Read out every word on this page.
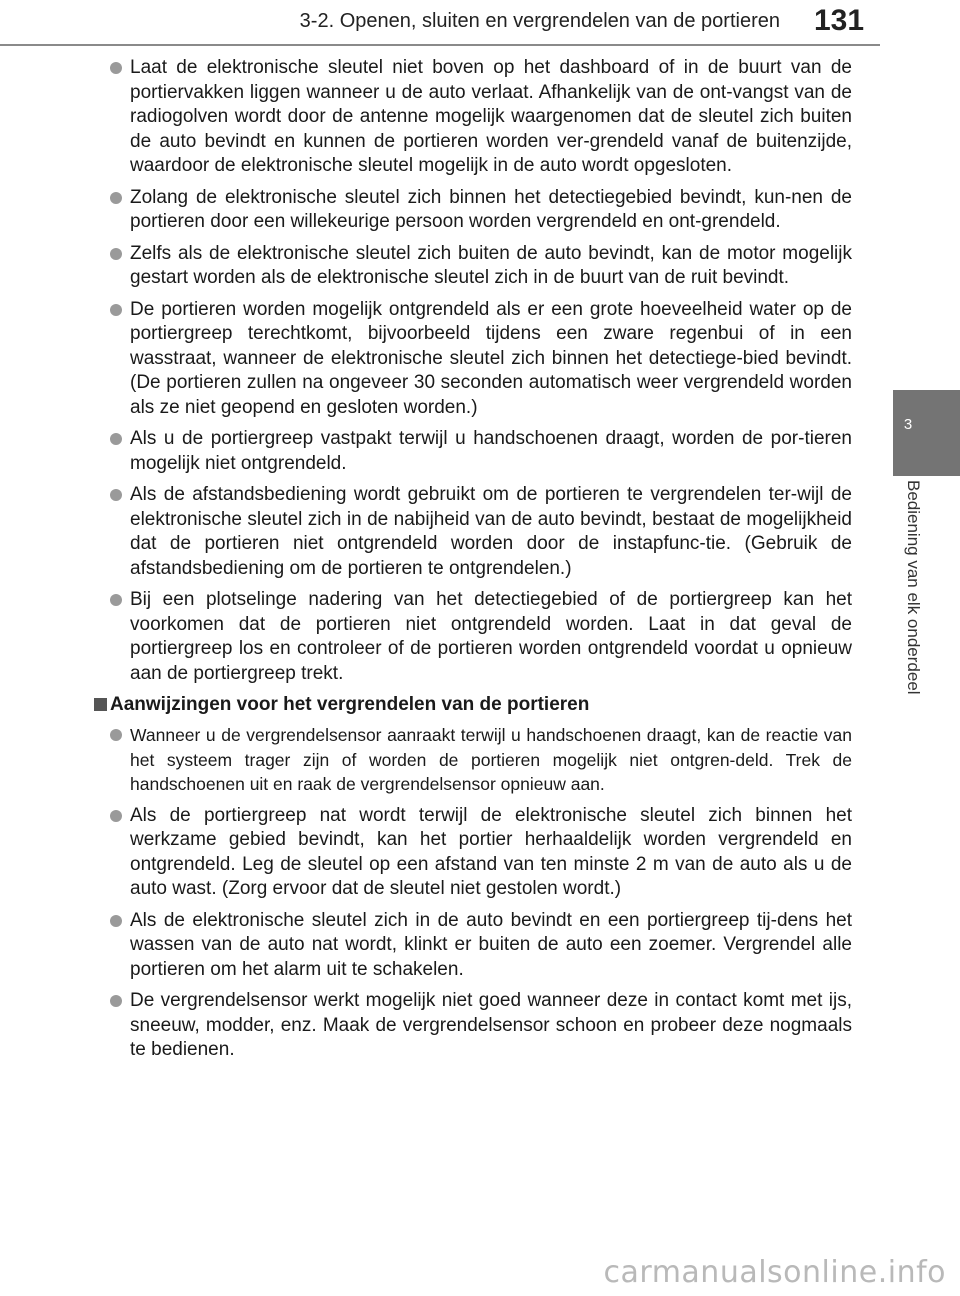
3-2. Openen, sluiten en vergrendelen van de portieren 131
3
Bediening van elk onderdeel
Laat de elektronische sleutel niet boven op het dashboard of in de buurt van de portiervakken liggen wanneer u de auto verlaat. Afhankelijk van de ont-vangst van de radiogolven wordt door de antenne mogelijk waargenomen dat de sleutel zich buiten de auto bevindt en kunnen de portieren worden ver-grendeld vanaf de buitenzijde, waardoor de elektronische sleutel mogelijk in de auto wordt opgesloten.
Zolang de elektronische sleutel zich binnen het detectiegebied bevindt, kun-nen de portieren door een willekeurige persoon worden vergrendeld en ont-grendeld.
Zelfs als de elektronische sleutel zich buiten de auto bevindt, kan de motor mogelijk gestart worden als de elektronische sleutel zich in de buurt van de ruit bevindt.
De portieren worden mogelijk ontgrendeld als er een grote hoeveelheid water op de portiergreep terechtkomt, bijvoorbeeld tijdens een zware regenbui of in een wasstraat, wanneer de elektronische sleutel zich binnen het detectiege-bied bevindt. (De portieren zullen na ongeveer 30 seconden automatisch weer vergrendeld worden als ze niet geopend en gesloten worden.)
Als u de portiergreep vastpakt terwijl u handschoenen draagt, worden de por-tieren mogelijk niet ontgrendeld.
Als de afstandsbediening wordt gebruikt om de portieren te vergrendelen ter-wijl de elektronische sleutel zich in de nabijheid van de auto bevindt, bestaat de mogelijkheid dat de portieren niet ontgrendeld worden door de instapfunc-tie. (Gebruik de afstandsbediening om de portieren te ontgrendelen.)
Bij een plotselinge nadering van het detectiegebied of de portiergreep kan het voorkomen dat de portieren niet ontgrendeld worden. Laat in dat geval de portiergreep los en controleer of de portieren worden ontgrendeld voordat u opnieuw aan de portiergreep trekt.
Aanwijzingen voor het vergrendelen van de portieren
Wanneer u de vergrendelsensor aanraakt terwijl u handschoenen draagt, kan de reactie van het systeem trager zijn of worden de portieren mogelijk niet ontgren-deld. Trek de handschoenen uit en raak de vergrendelsensor opnieuw aan.
Als de portiergreep nat wordt terwijl de elektronische sleutel zich binnen het werkzame gebied bevindt, kan het portier herhaaldelijk worden vergrendeld en ontgrendeld. Leg de sleutel op een afstand van ten minste 2 m van de auto als u de auto wast. (Zorg ervoor dat de sleutel niet gestolen wordt.)
Als de elektronische sleutel zich in de auto bevindt en een portiergreep tij-dens het wassen van de auto nat wordt, klinkt er buiten de auto een zoemer. Vergrendel alle portieren om het alarm uit te schakelen.
De vergrendelsensor werkt mogelijk niet goed wanneer deze in contact komt met ijs, sneeuw, modder, enz. Maak de vergrendelsensor schoon en probeer deze nogmaals te bedienen.
carmanualsonline.info
